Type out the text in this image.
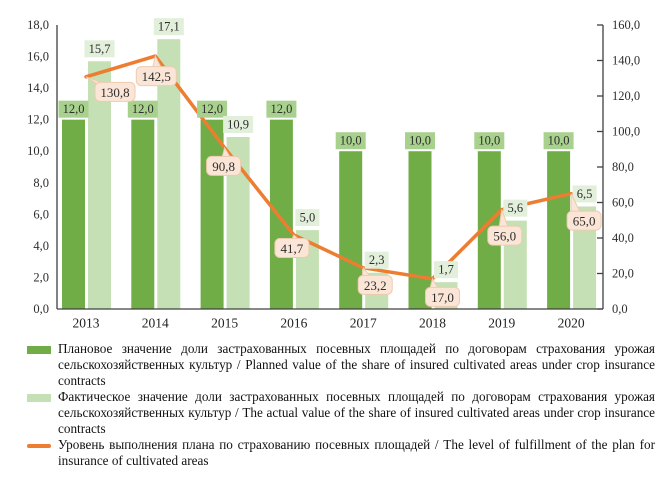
0,0
2,0
4,0
6,0
8,0
10,0
12,0
14,0
16,0
18,0
0,0
20,0
40,0
60,0
80,0
100,0
120,0
140,0
160,0
2013	2014	2015	2016	2017	2018	2019	2020
12,0	12,0	12,0	12,0
10,0	10,0	10,0	10,0
15,7
17,1
10,9
5,0
2,3
1,7
5,6
6,5
130,8
142,5
90,8
41,7
23,2
17,0
56,0
65,0
Плановое значение доли застрахованных посевных площадей по договорам страхования урожая сельскохозяйственных культур / Planned value of the share of insured cultivated areas under crop insurance contracts
Фактическое значение доли застрахованных посевных площадей по договорам страхования урожая сельскохозяйственных культур / The actual value of the share of insured cultivated areas under crop insurance contracts
Уровень выполнения плана по страхованию посевных площадей / The level of fulfillment of the plan for insurance of cultivated areas
